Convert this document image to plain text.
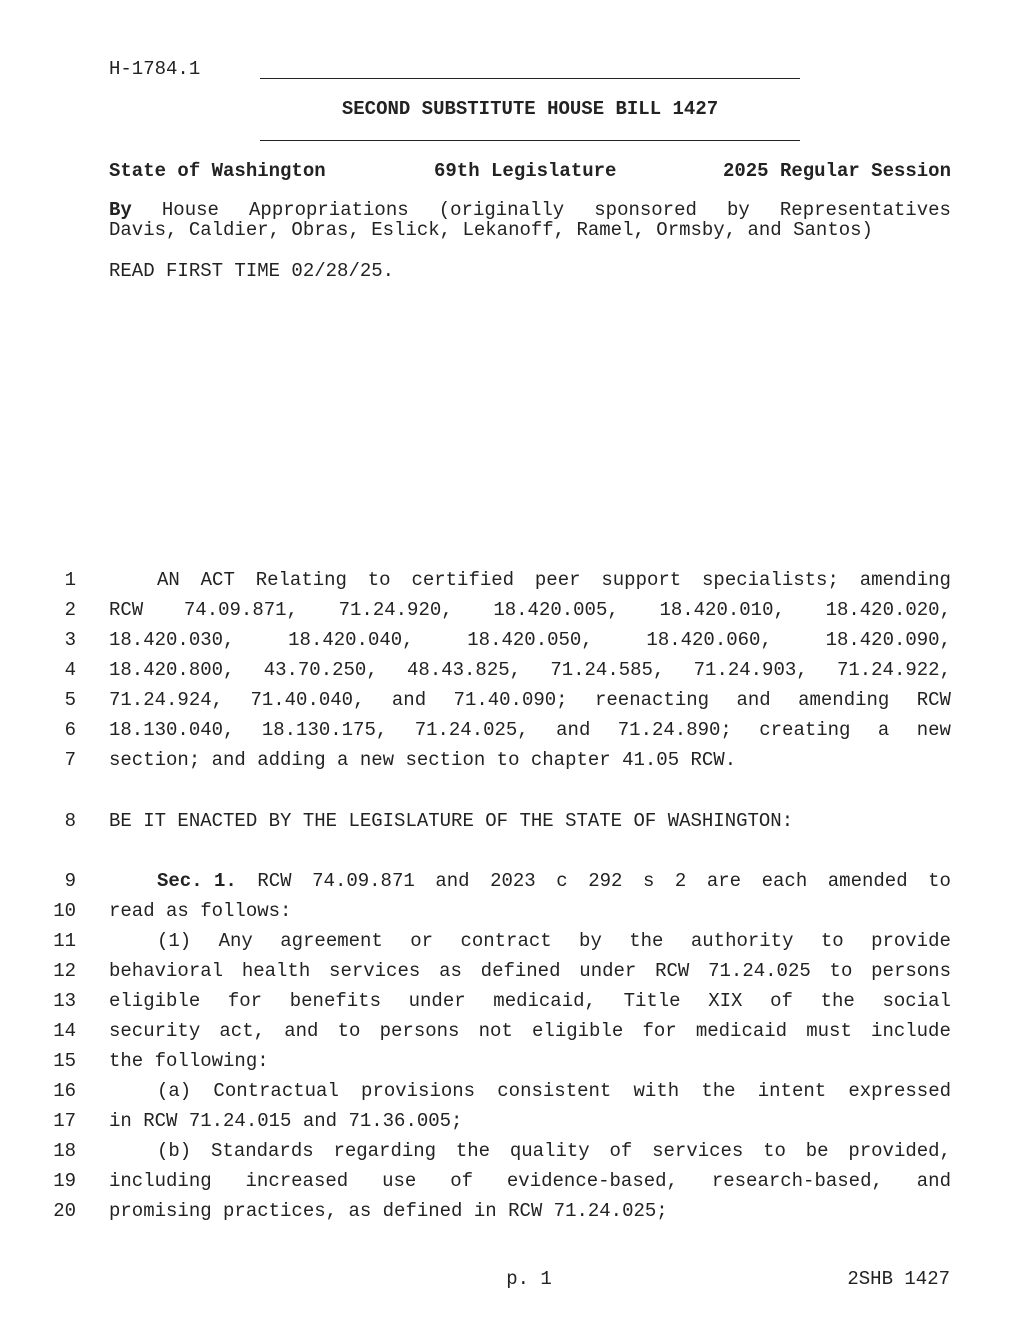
H-1784.1
SECOND SUBSTITUTE HOUSE BILL 1427
State of Washington	69th Legislature	2025 Regular Session
By House Appropriations (originally sponsored by Representatives
Davis, Caldier, Obras, Eslick, Lekanoff, Ramel, Ormsby, and Santos)
READ FIRST TIME 02/28/25.
1	AN ACT Relating to certified peer support specialists; amending
2 RCW 74.09.871, 71.24.920, 18.420.005, 18.420.010, 18.420.020,
3 18.420.030,	18.420.040,	18.420.050,	18.420.060,	18.420.090,
4 18.420.800, 43.70.250, 48.43.825, 71.24.585, 71.24.903, 71.24.922,
5 71.24.924, 71.40.040, and 71.40.090; reenacting and amending RCW
6 18.130.040, 18.130.175, 71.24.025, and 71.24.890; creating a new
7 section; and adding a new section to chapter 41.05 RCW.
8 BE IT ENACTED BY THE LEGISLATURE OF THE STATE OF WASHINGTON:
9	Sec. 1. RCW 74.09.871 and 2023 c 292 s 2 are each amended to
10 read as follows:
11	(1) Any agreement or contract by the authority to provide
12 behavioral health services as defined under RCW 71.24.025 to persons
13 eligible for benefits under medicaid, Title XIX of the social
14 security act, and to persons not eligible for medicaid must include
15 the following:
16	(a) Contractual provisions consistent with the intent expressed
17 in RCW 71.24.015 and 71.36.005;
18	(b) Standards regarding the quality of services to be provided,
19 including increased use of evidence-based, research-based, and
20 promising practices, as defined in RCW 71.24.025;
p. 1	2SHB 1427
